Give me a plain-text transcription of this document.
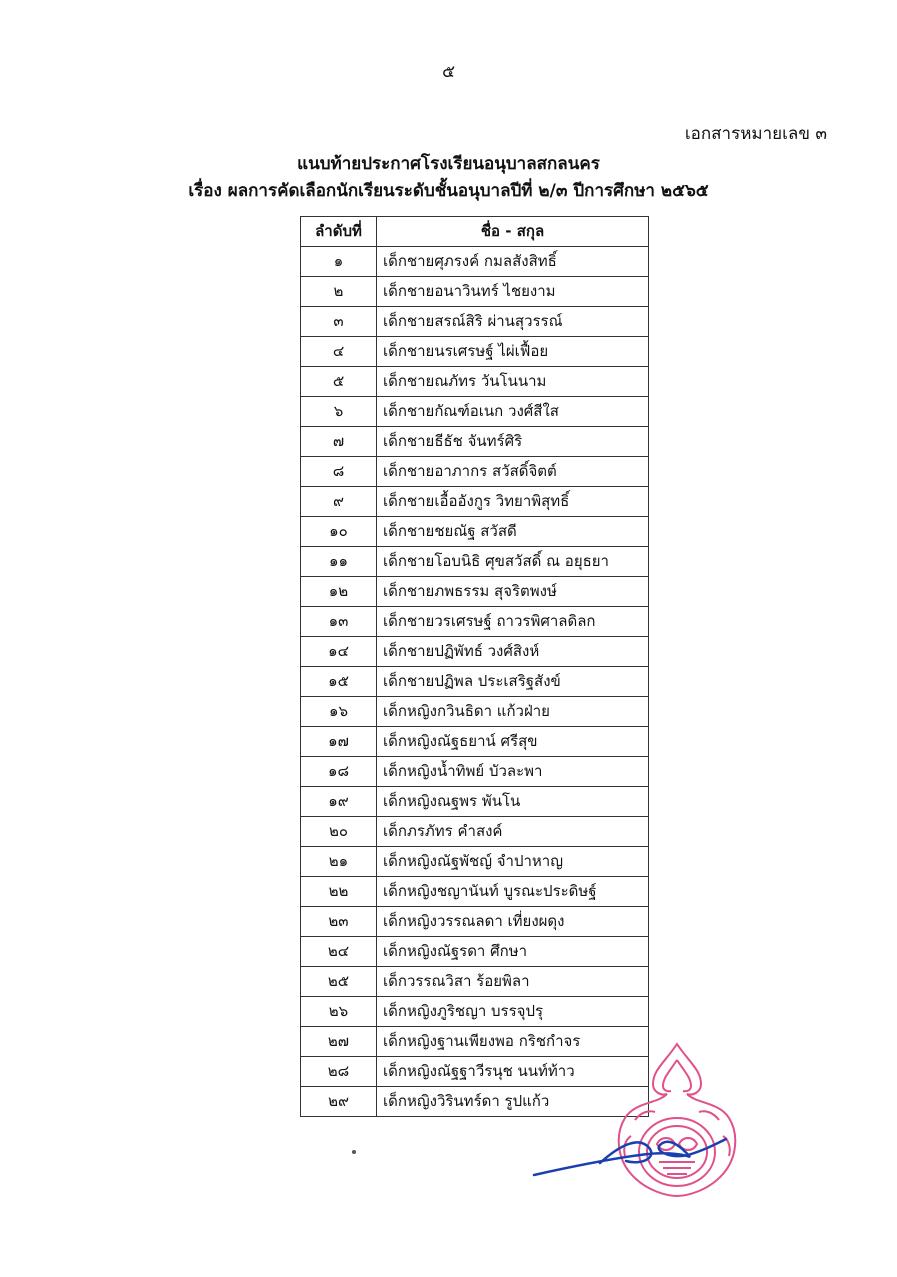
๕
เอกสารหมายเลข ๓
แนบท้ายประกาศโรงเรียนอนุบาลสกลนคร
เรื่อง ผลการคัดเลือกนักเรียนระดับชั้นอนุบาลปีที่ ๒/๓ ปีการศึกษา ๒๕๖๕
ลำดับที่	ชื่อ - สกุล
๑	เด็กชายศุภรงค์ กมลสังสิทธิ์
๒	เด็กชายอนาวินทร์ ไชยงาม
๓	เด็กชายสรณ์สิริ ผ่านสุวรรณ์
๔	เด็กชายนรเศรษฐ์ ไผ่เฟื้อย
๕	เด็กชายณภัทร วันโนนาม
๖	เด็กชายกัณฑ์อเนก วงศ์สีใส
๗	เด็กชายธีธัช จันทร์ศิริ
๘	เด็กชายอาภากร สวัสดิ์จิตต์
๙	เด็กชายเอื้ออังกูร วิทยาพิสุทธิ์
๑๐	เด็กชายชยณัฐ สวัสดี
๑๑	เด็กชายโอบนิธิ ศุขสวัสดิ์ ณ อยุธยา
๑๒	เด็กชายภพธรรม สุจริตพงษ์
๑๓	เด็กชายวรเศรษฐ์ ถาวรพิศาลดิลก
๑๔	เด็กชายปฏิพัทธ์ วงศ์สิงห์
๑๕	เด็กชายปฏิพล ประเสริฐสังข์
๑๖	เด็กหญิงกวินธิดา แก้วฝ่าย
๑๗	เด็กหญิงณัฐธยาน์ ศรีสุข
๑๘	เด็กหญิงน้ำทิพย์ บัวละพา
๑๙	เด็กหญิงณฐพร พันโน
๒๐	เด็กภรภัทร คำสงค์
๒๑	เด็กหญิงณัฐพัชญ์ จำปาหาญ
๒๒	เด็กหญิงชญานันท์ บูรณะประดิษฐ์
๒๓	เด็กหญิงวรรณลดา เที่ยงผดุง
๒๔	เด็กหญิงณัฐรดา ศึกษา
๒๕	เด็กวรรณวิสา ร้อยพิลา
๒๖	เด็กหญิงภูริชญา บรรจุปรุ
๒๗	เด็กหญิงฐานเพียงพอ กริชกำจร
๒๘	เด็กหญิงณัฐฐาวีรนุช นนท์ท้าว
๒๙	เด็กหญิงวิรินทร์ดา รูปแก้ว
